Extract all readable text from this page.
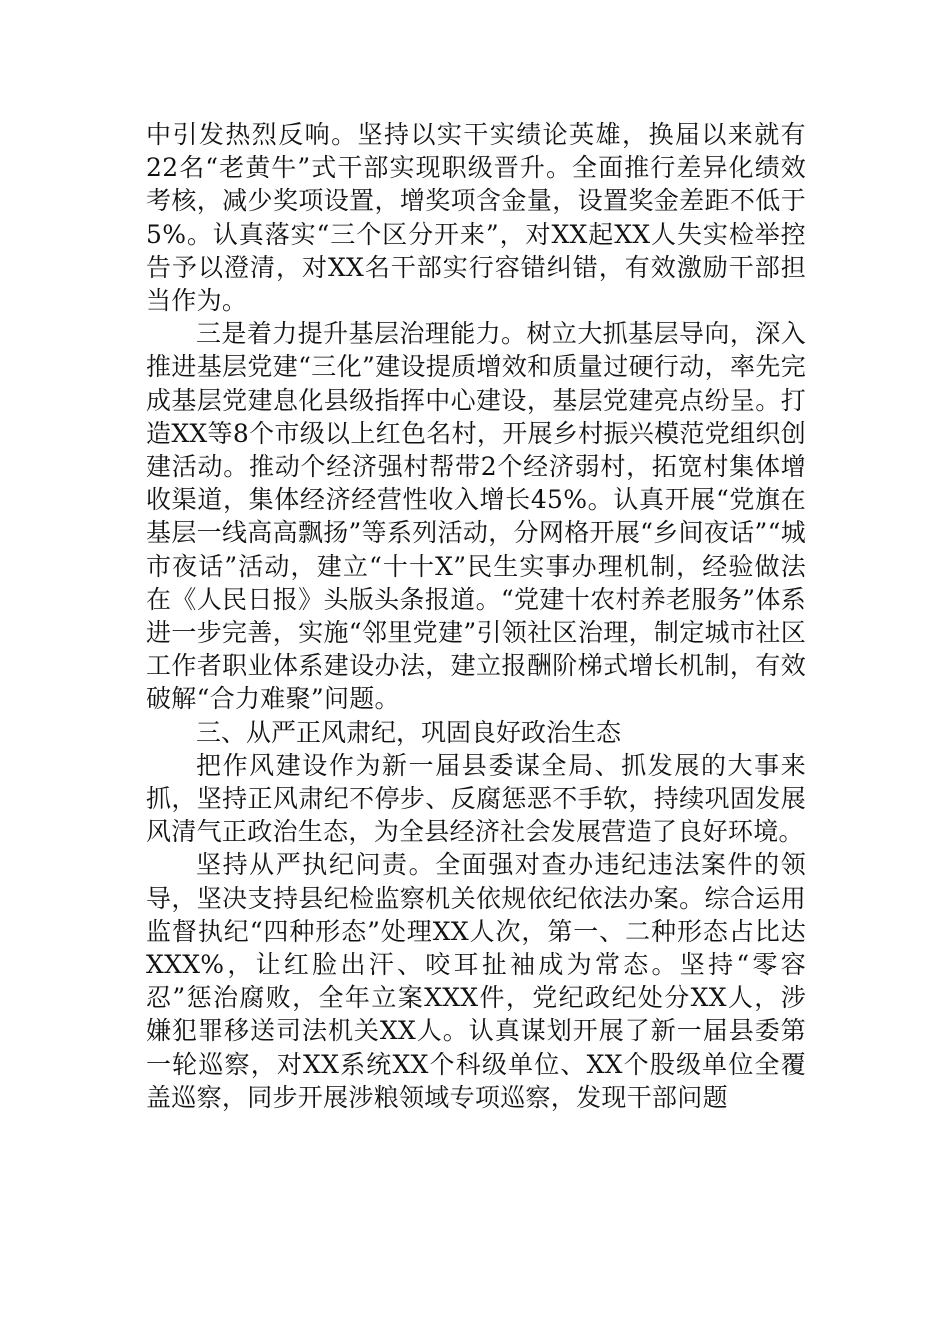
中引发热烈反响。坚持以实干实绩论英雄，换届以来就有22名“老黄牛”式干部实现职级晋升。全面推行差异化绩效考核，减少奖项设置，增奖项含金量，设置奖金差距不低于5%。认真落实“三个区分开来”，对XX起XX人失实检举控告予以澄清，对XX名干部实行容错纠错，有效激励干部担当作为。

三是着力提升基层治理能力。树立大抓基层导向，深入推进基层党建“三化”建设提质增效和质量过硬行动，率先完成基层党建息化县级指挥中心建设，基层党建亮点纷呈。打造XX等8个市级以上红色名村，开展乡村振兴模范党组织创建活动。推动个经济强村帮带2个经济弱村，拓宽村集体增收渠道，集体经济经营性收入增长45%。认真开展“党旗在基层一线高高飘扬”等系列活动，分网格开展“乡间夜话”“城市夜话”活动，建立“十十X”民生实事办理机制，经验做法在《人民日报》头版头条报道。“党建十农村养老服务”体系进一步完善，实施“邻里党建”引领社区治理，制定城市社区工作者职业体系建设办法，建立报酬阶梯式增长机制，有效破解“合力难聚”问题。

三、从严正风肃纪，巩固良好政治生态

把作风建设作为新一届县委谋全局、抓发展的大事来抓，坚持正风肃纪不停步、反腐惩恶不手软，持续巩固发展风清气正政治生态，为全县经济社会发展营造了良好环境。

坚持从严执纪问责。全面强对查办违纪违法案件的领导，坚决支持县纪检监察机关依规依纪依法办案。综合运用监督执纪“四种形态”处理XX人次，第一、二种形态占比达XXX%，让红脸出汗、咬耳扯袖成为常态。坚持“零容忍”惩治腐败，全年立案XXX件，党纪政纪处分XX人，涉嫌犯罪移送司法机关XX人。认真谋划开展了新一届县委第一轮巡察，对XX系统XX个科级单位、XX个股级单位全覆盖巡察，同步开展涉粮领域专项巡察，发现干部问题
